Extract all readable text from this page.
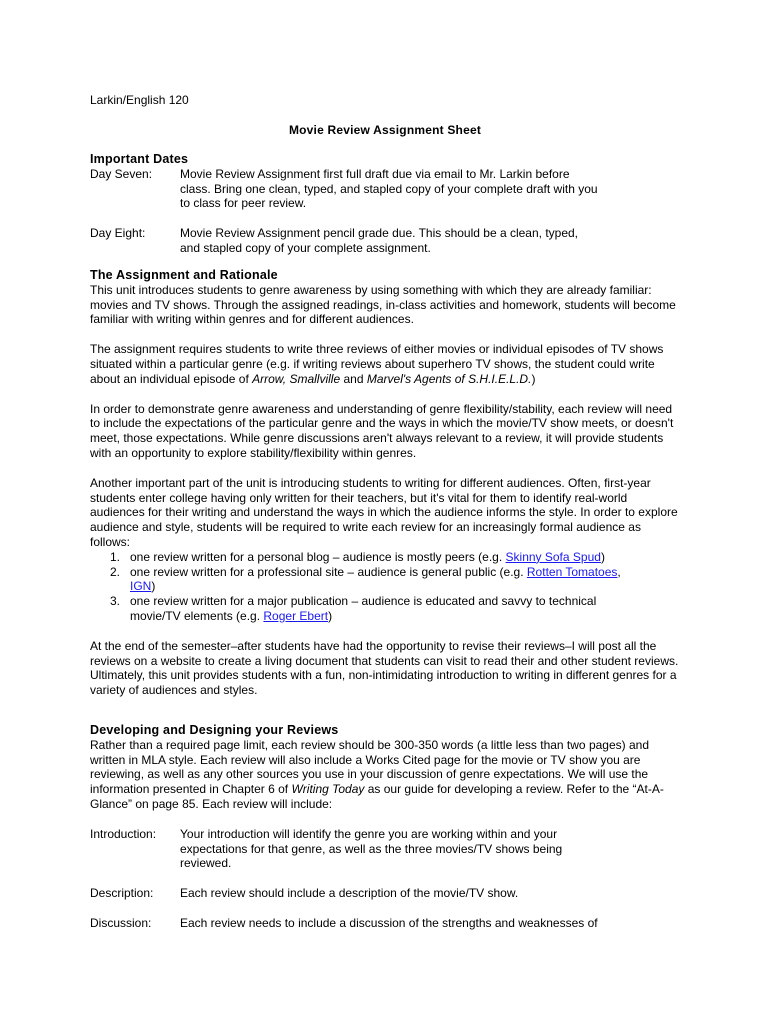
Larkin/English 120
Movie Review Assignment Sheet
Important Dates
Day Seven:	Movie Review Assignment first full draft due via email to Mr. Larkin before class. Bring one clean, typed, and stapled copy of your complete draft with you to class for peer review.
Day Eight:	Movie Review Assignment pencil grade due. This should be a clean, typed, and stapled copy of your complete assignment.
The Assignment and Rationale

This unit introduces students to genre awareness by using something with which they are already familiar: movies and TV shows. Through the assigned readings, in-class activities and homework, students will become familiar with writing within genres and for different audiences.

The assignment requires students to write three reviews of either movies or individual episodes of TV shows situated within a particular genre (e.g. if writing reviews about superhero TV shows, the student could write about an individual episode of Arrow, Smallville and Marvel's Agents of S.H.I.E.L.D.)

In order to demonstrate genre awareness and understanding of genre flexibility/stability, each review will need to include the expectations of the particular genre and the ways in which the movie/TV show meets, or doesn't meet, those expectations. While genre discussions aren't always relevant to a review, it will provide students with an opportunity to explore stability/flexibility within genres.

Another important part of the unit is introducing students to writing for different audiences. Often, first-year students enter college having only written for their teachers, but it's vital for them to identify real-world audiences for their writing and understand the ways in which the audience informs the style. In order to explore audience and style, students will be required to write each review for an increasingly formal audience as follows:

1. one review written for a personal blog – audience is mostly peers (e.g. Skinny Sofa Spud)
2. one review written for a professional site – audience is general public (e.g. Rotten Tomatoes, IGN)
3. one review written for a major publication – audience is educated and savvy to technical movie/TV elements (e.g. Roger Ebert)

At the end of the semester–after students have had the opportunity to revise their reviews–I will post all the reviews on a website to create a living document that students can visit to read their and other student reviews.

Ultimately, this unit provides students with a fun, non-intimidating introduction to writing in different genres for a variety of audiences and styles.

Developing and Designing your Reviews

Rather than a required page limit, each review should be 300-350 words (a little less than two pages) and written in MLA style. Each review will also include a Works Cited page for the movie or TV show you are reviewing, as well as any other sources you use in your discussion of genre expectations. We will use the information presented in Chapter 6 of Writing Today as our guide for developing a review. Refer to the “At-A-Glance” on page 85. Each review will include:

Introduction:	Your introduction will identify the genre you are working within and your expectations for that genre, as well as the three movies/TV shows being reviewed.
Description:	Each review should include a description of the movie/TV show.
Discussion:	Each review needs to include a discussion of the strengths and weaknesses of
